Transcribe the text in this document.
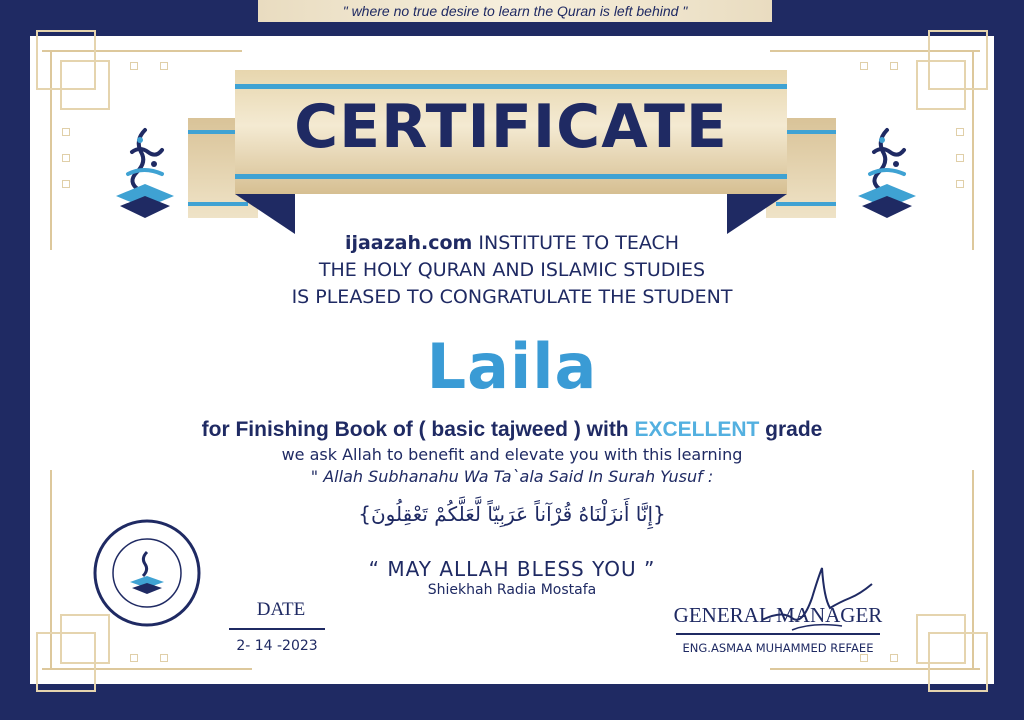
" where no true desire to learn the Quran is left behind "
CERTIFICATE
ijaazah.com INSTITUTE TO TEACH
THE HOLY QURAN AND ISLAMIC STUDIES
IS PLEASED TO CONGRATULATE THE STUDENT
Laila
for Finishing Book of ( basic tajweed ) with EXCELLENT grade
we ask Allah to benefit and elevate you with this learning
" Allah Subhanahu Wa Ta`ala Said In Surah Yusuf :
{إِنَّا أَنزَلْنَاهُ قُرْآناً عَرَبِيّاً لَّعَلَّكُمْ تَعْقِلُونَ}
“ MAY ALLAH BLESS YOU ”
Shiekhah Radia Mostafa
DATE
2- 14 -2023
GENERAL MANAGER
ENG.ASMAA MUHAMMED REFAEE
